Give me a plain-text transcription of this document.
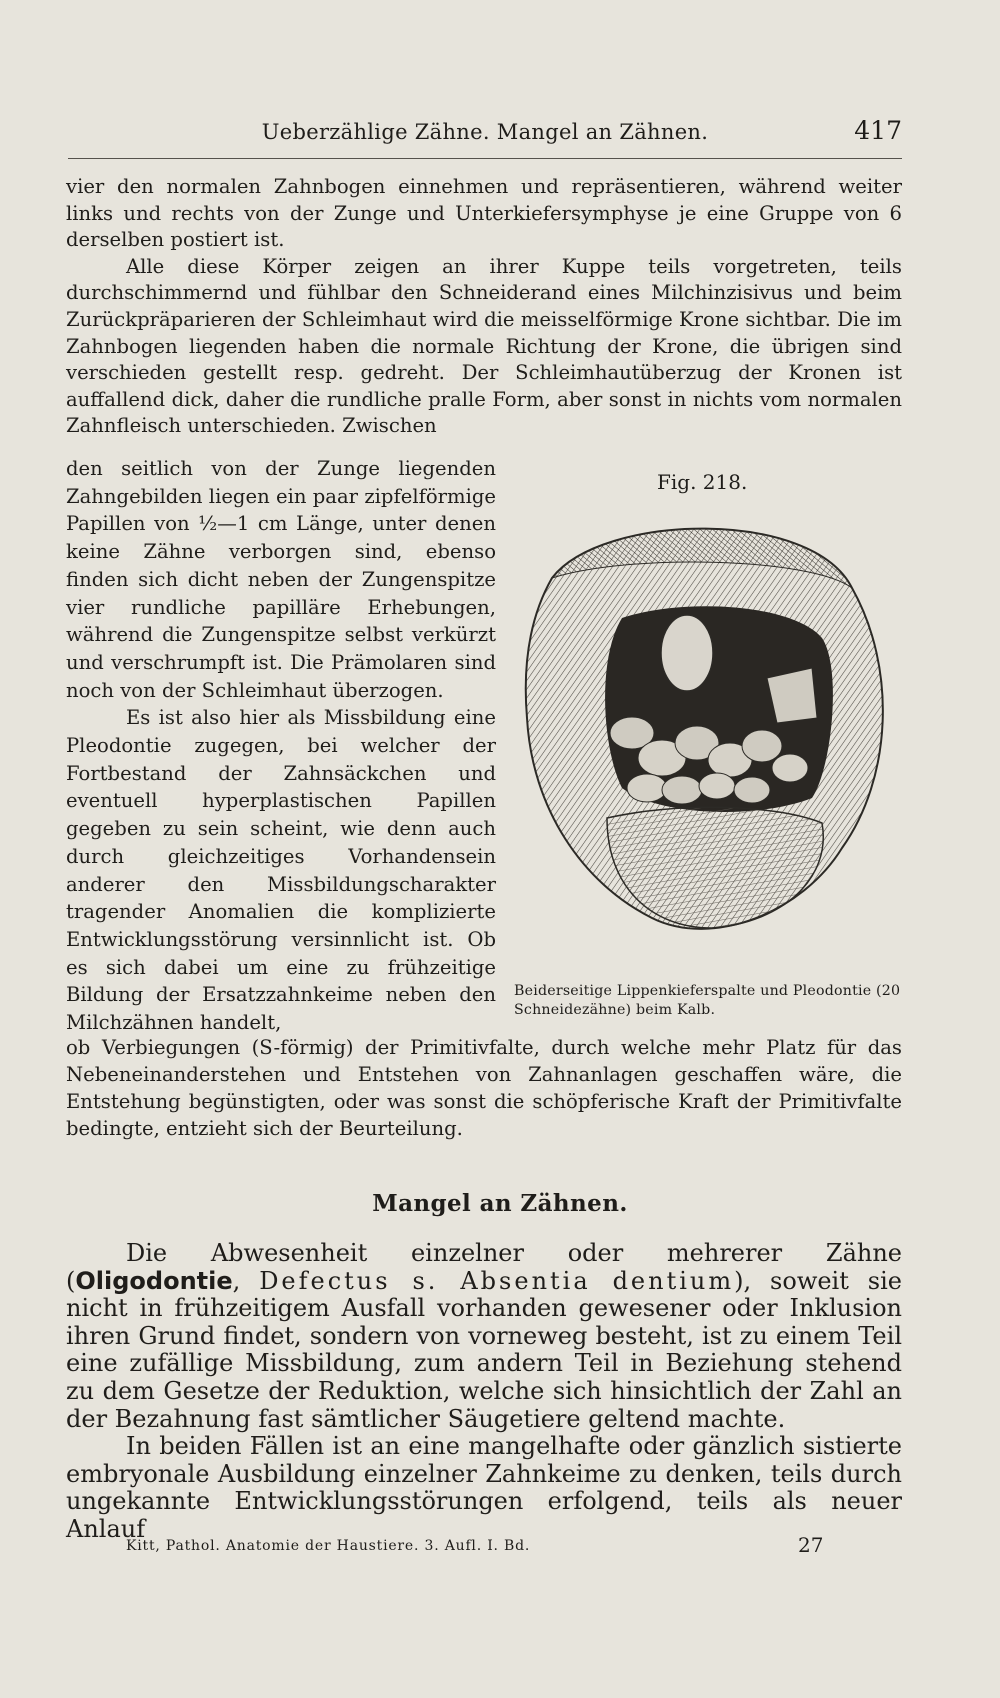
Ueberzählige Zähne. Mangel an Zähnen.	417

vier den normalen Zahnbogen einnehmen und repräsentieren, während weiter links und rechts von der Zunge und Unterkiefersymphyse je eine Gruppe von 6 derselben postiert ist.

Alle diese Körper zeigen an ihrer Kuppe teils vorgetreten, teils durchschimmernd und fühlbar den Schneiderand eines Milchinzisivus und beim Zurückpräparieren der Schleimhaut wird die meisselförmige Krone sichtbar. Die im Zahnbogen liegenden haben die normale Richtung der Krone, die übrigen sind verschieden gestellt resp. gedreht. Der Schleimhautüberzug der Kronen ist auffallend dick, daher die rundliche pralle Form, aber sonst in nichts vom normalen Zahnfleisch unterschieden. Zwischen

den seitlich von der Zunge liegenden Zahngebilden liegen ein paar zipfelförmige Papillen von ½—1 cm Länge, unter denen keine Zähne verborgen sind, ebenso finden sich dicht neben der Zungenspitze vier rundliche papilläre Erhebungen, während die Zungenspitze selbst verkürzt und verschrumpft ist. Die Prämolaren sind noch von der Schleimhaut überzogen.

Es ist also hier als Missbildung eine Pleodontie zugegen, bei welcher der Fortbestand der Zahnsäckchen und eventuell hyperplastischen Papillen gegeben zu sein scheint, wie denn auch durch gleichzeitiges Vorhandensein anderer den Missbildungscharakter tragender Anomalien die komplizierte Entwicklungsstörung versinnlicht ist. Ob es sich dabei um eine zu frühzeitige Bildung der Ersatzzahnkeime neben den Milchzähnen handelt,

Fig. 218.
Beiderseitige Lippenkieferspalte und Pleodontie (20 Schneidezähne) beim Kalb.

ob Verbiegungen (S-förmig) der Primitivfalte, durch welche mehr Platz für das Nebeneinanderstehen und Entstehen von Zahnanlagen geschaffen wäre, die Entstehung begünstigten, oder was sonst die schöpferische Kraft der Primitivfalte bedingte, entzieht sich der Beurteilung.

Mangel an Zähnen.

Die Abwesenheit einzelner oder mehrerer Zähne (Oligodontie, Defectus s. Absentia dentium), soweit sie nicht in frühzeitigem Ausfall vorhanden gewesener oder Inklusion ihren Grund findet, sondern von vorneweg besteht, ist zu einem Teil eine zufällige Missbildung, zum andern Teil in Beziehung stehend zu dem Gesetze der Reduktion, welche sich hinsichtlich der Zahl an der Bezahnung fast sämtlicher Säugetiere geltend machte.

In beiden Fällen ist an eine mangelhafte oder gänzlich sistierte embryonale Ausbildung einzelner Zahnkeime zu denken, teils durch ungekannte Entwicklungsstörungen erfolgend, teils als neuer Anlauf

Kitt, Pathol. Anatomie der Haustiere. 3. Aufl. I. Bd.	27
